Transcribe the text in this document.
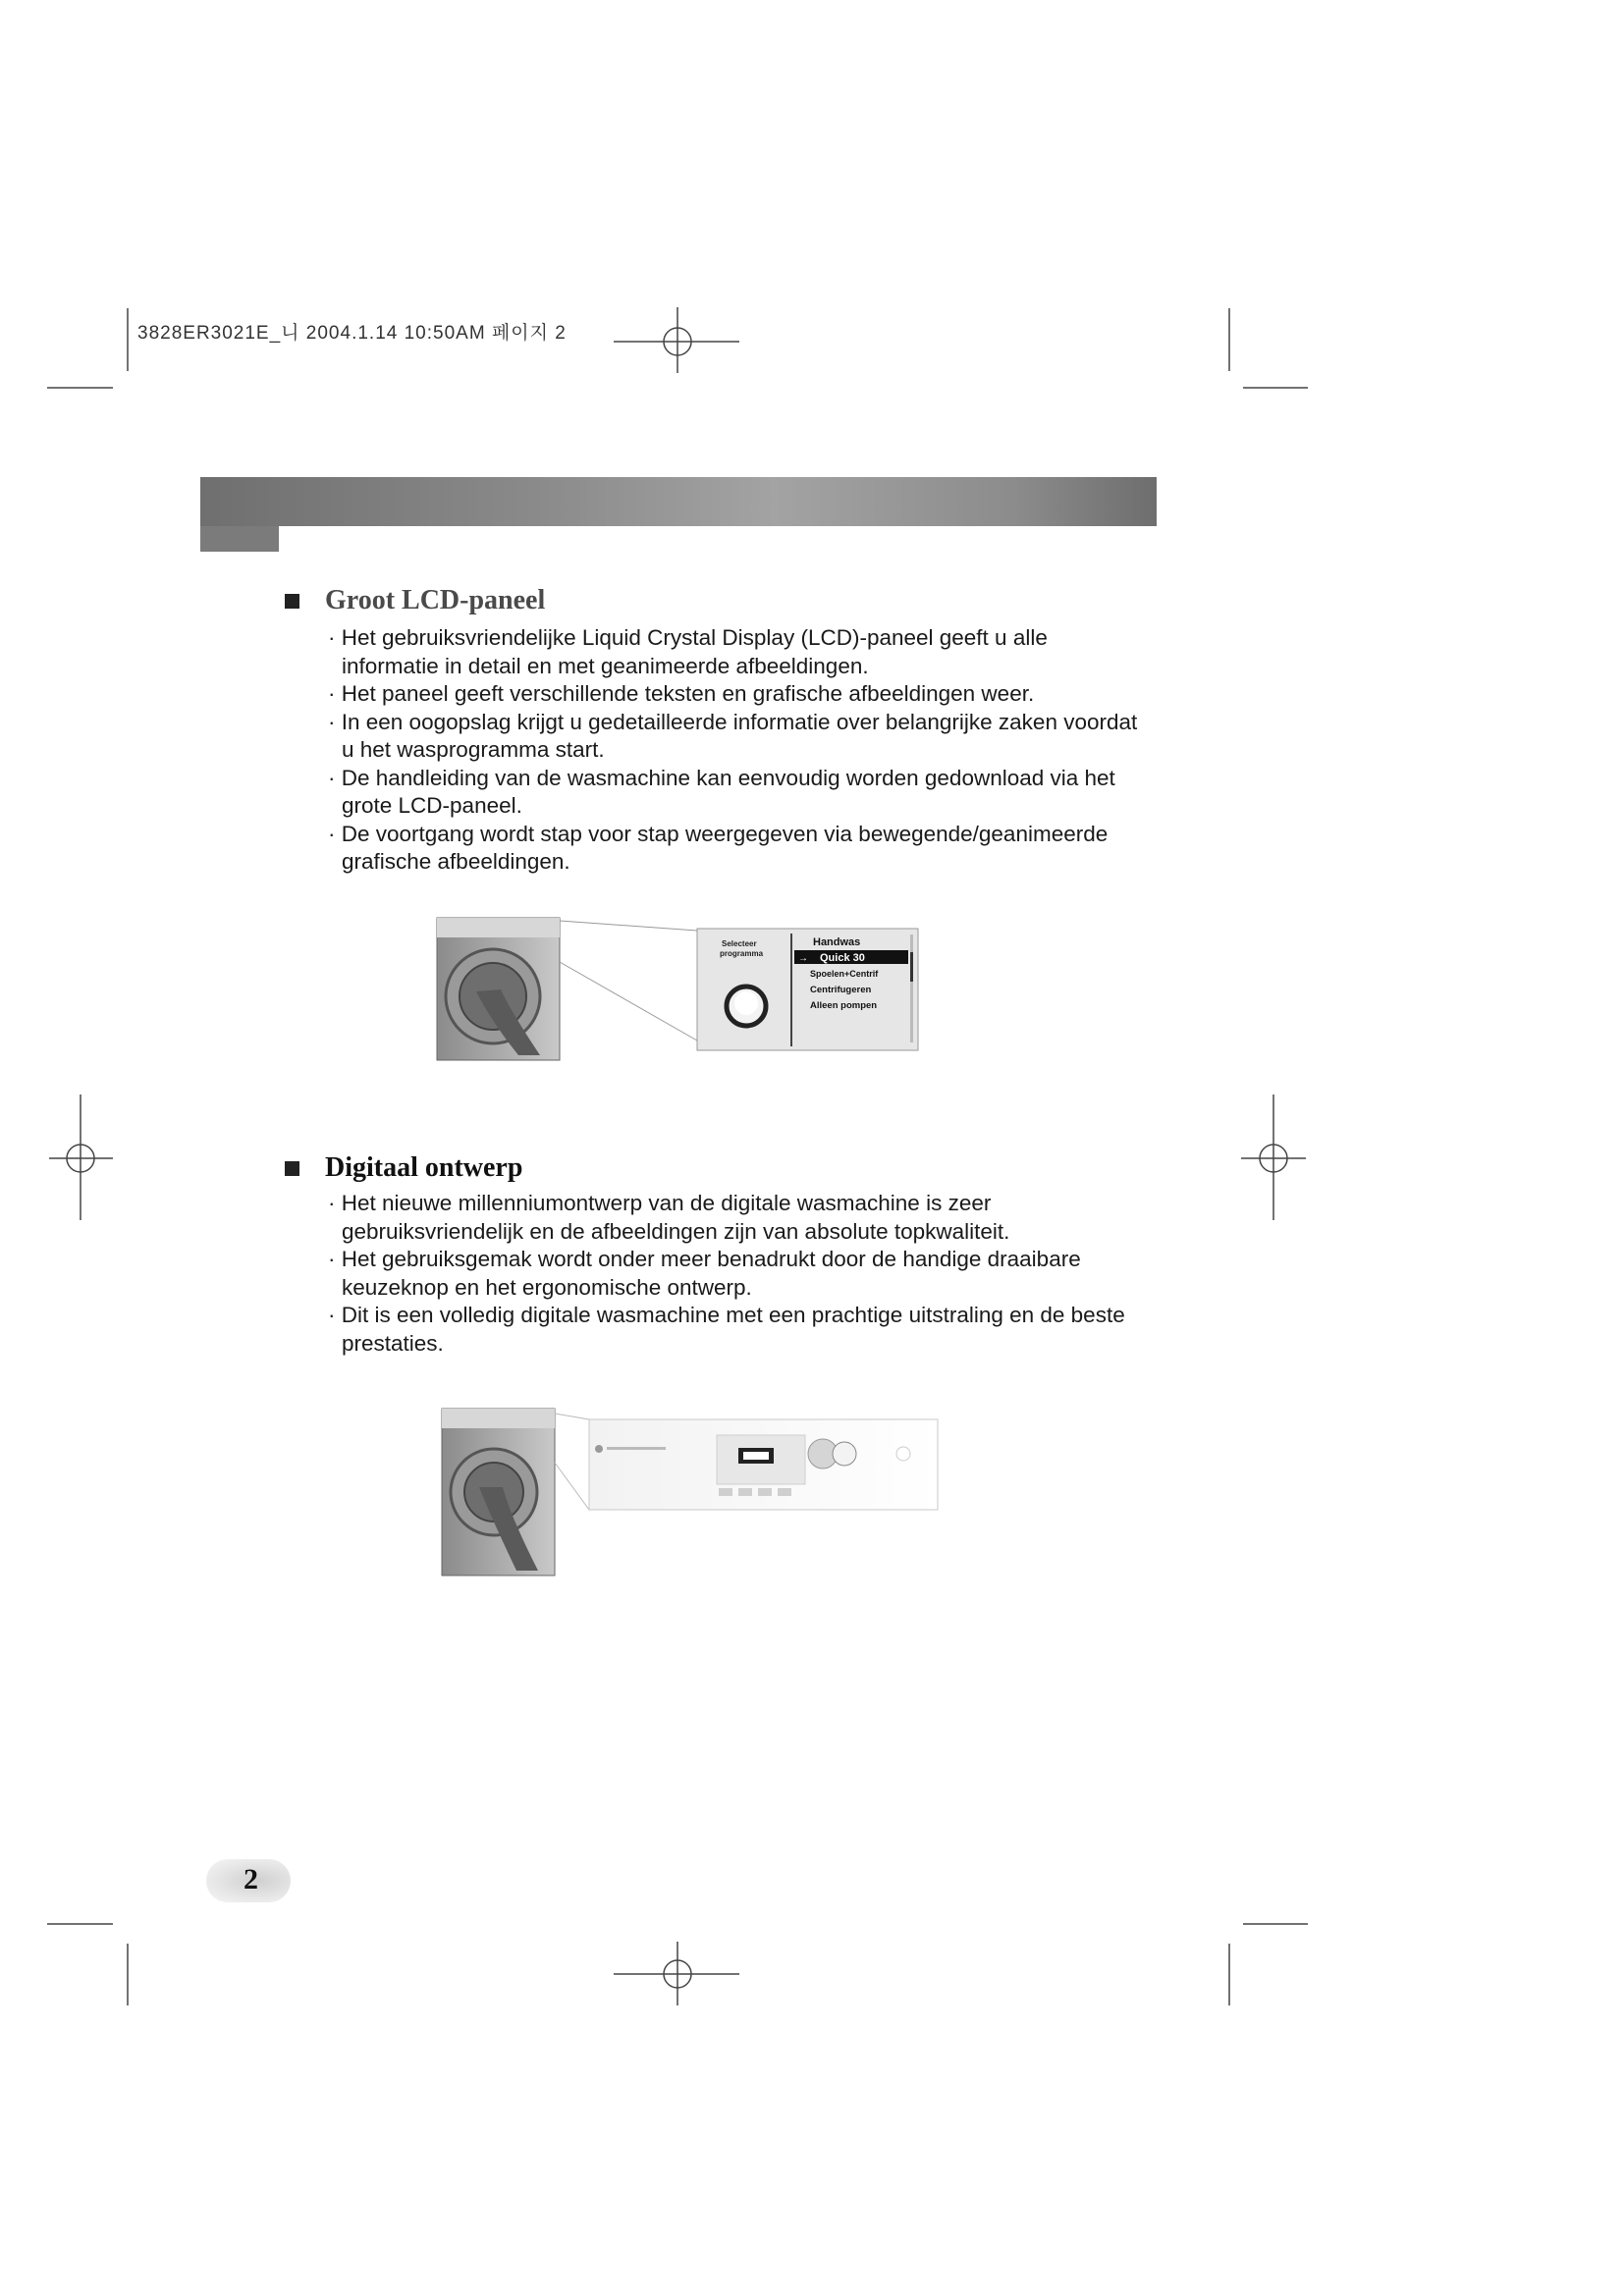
3828ER3021E_니 2004.1.14 10:50AM 페이지 2
Groot LCD-paneel
· Het gebruiksvriendelijke Liquid Crystal Display (LCD)-paneel geeft u alle informatie in detail en met geanimeerde afbeeldingen.
· Het paneel geeft verschillende teksten en grafische afbeeldingen weer.
· In een oogopslag krijgt u gedetailleerde informatie over belangrijke zaken voordat u het wasprogramma start.
· De handleiding van de wasmachine kan eenvoudig worden gedownload via het grote LCD-paneel.
· De voortgang wordt stap voor stap weergegeven via bewegende/geanimeerde grafische afbeeldingen.
Selecteer
programma
Handwas
Quick 30
Spoelen+Centrif
Centrifugeren
Alleen pompen
→
Digitaal ontwerp
· Het nieuwe millenniumontwerp van de digitale wasmachine is zeer gebruiksvriendelijk en de afbeeldingen zijn van absolute topkwaliteit.
· Het gebruiksgemak wordt onder meer benadrukt door de handige draaibare keuzeknop en het ergonomische ontwerp.
· Dit is een volledig digitale wasmachine met een prachtige uitstraling en de beste prestaties.
2
